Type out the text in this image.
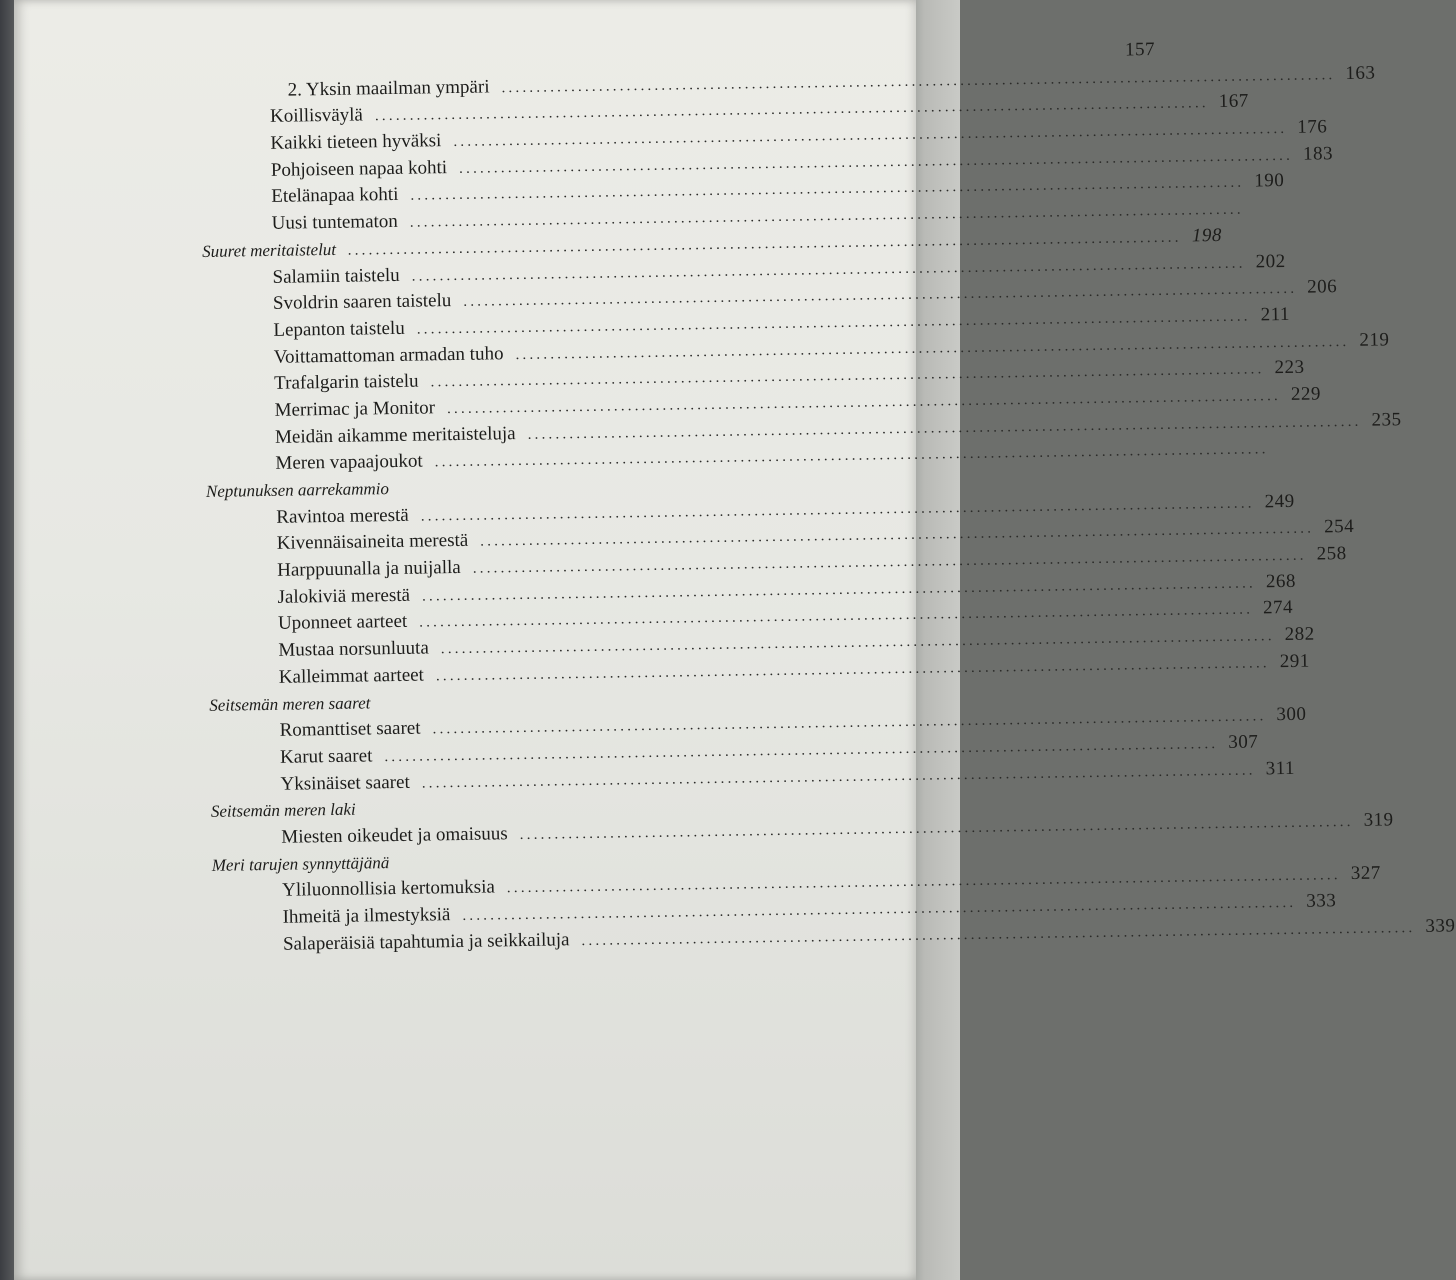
157
2. Yksin maailman ympäri ........................................................................................................................ 163
Koillisväylä ........................................................................................................................ 167
Kaikki tieteen hyväksi ........................................................................................................................ 176
Pohjoiseen napaa kohti ........................................................................................................................ 183
Etelänapaa kohti ........................................................................................................................ 190
Uusi tuntematon ........................................................................................................................
Suuret meritaistelut ........................................................................................................................ 198
Salamiin taistelu ........................................................................................................................ 202
Svoldrin saaren taistelu ........................................................................................................................ 206
Lepanton taistelu ........................................................................................................................ 211
Voittamattoman armadan tuho ........................................................................................................................ 219
Trafalgarin taistelu ........................................................................................................................ 223
Merrimac ja Monitor ........................................................................................................................ 229
Meidän aikamme meritaisteluja ........................................................................................................................ 235
Meren vapaajoukot ........................................................................................................................
Neptunuksen aarrekammio
Ravintoa merestä ........................................................................................................................ 249
Kivennäisaineita merestä ........................................................................................................................ 254
Harppuunalla ja nuijalla ........................................................................................................................ 258
Jalokiviä merestä ........................................................................................................................ 268
Uponneet aarteet ........................................................................................................................ 274
Mustaa norsunluuta ........................................................................................................................ 282
Kalleimmat aarteet ........................................................................................................................ 291
Seitsemän meren saaret
Romanttiset saaret ........................................................................................................................ 300
Karut saaret ........................................................................................................................ 307
Yksinäiset saaret ........................................................................................................................ 311
Seitsemän meren laki
Miesten oikeudet ja omaisuus ........................................................................................................................ 319
Meri tarujen synnyttäjänä
Yliluonnollisia kertomuksia ........................................................................................................................ 327
Ihmeitä ja ilmestyksiä ........................................................................................................................ 333
Salaperäisiä tapahtumia ja seikkailuja ........................................................................................................................ 339
